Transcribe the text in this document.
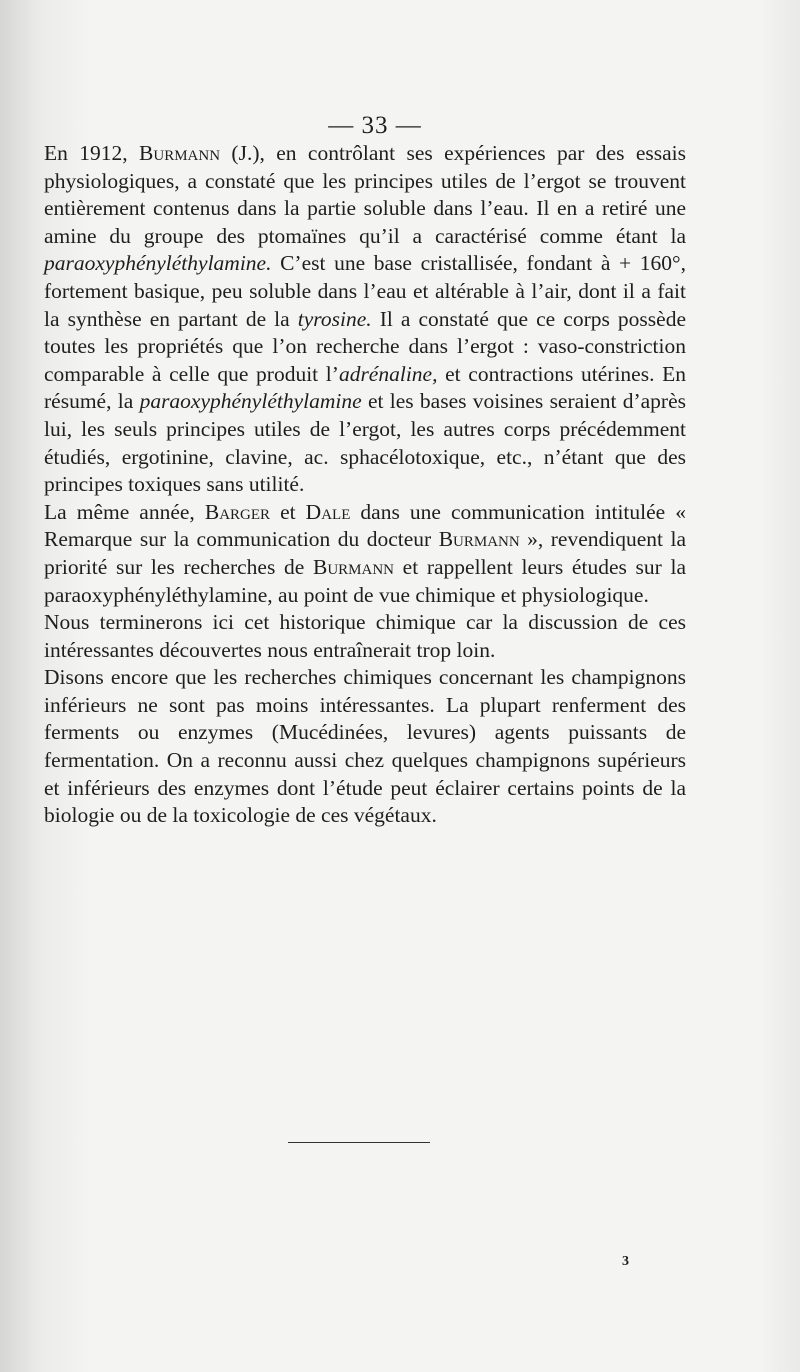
— 33 —

En 1912, Burmann (J.), en contrôlant ses expériences par des essais physiologiques, a constaté que les principes utiles de l’ergot se trouvent entièrement contenus dans la partie soluble dans l’eau. Il en a retiré une amine du groupe des ptomaïnes qu’il a caractérisé comme étant la paraoxyphényléthylamine. C’est une base cristallisée, fondant à + 160°, fortement basique, peu soluble dans l’eau et altérable à l’air, dont il a fait la synthèse en partant de la tyrosine. Il a constaté que ce corps possède toutes les propriétés que l’on recherche dans l’ergot : vaso-constriction comparable à celle que produit l’adrénaline, et contractions utérines. En résumé, la paraoxyphényléthylamine et les bases voisines seraient d’après lui, les seuls principes utiles de l’ergot, les autres corps précédemment étudiés, ergotinine, clavine, ac. sphacélotoxique, etc., n’étant que des principes toxiques sans utilité.

La même année, Barger et Dale dans une communication intitulée « Remarque sur la communication du docteur Burmann », revendiquent la priorité sur les recherches de Burmann et rappellent leurs études sur la paraoxyphényléthylamine, au point de vue chimique et physiologique.

Nous terminerons ici cet historique chimique car la discussion de ces intéressantes découvertes nous entraînerait trop loin.

Disons encore que les recherches chimiques concernant les champignons inférieurs ne sont pas moins intéressantes. La plupart renferment des ferments ou enzymes (Mucédinées, levures) agents puissants de fermentation. On a reconnu aussi chez quelques champignons supérieurs et inférieurs des enzymes dont l’étude peut éclairer certains points de la biologie ou de la toxicologie de ces végétaux.

3
